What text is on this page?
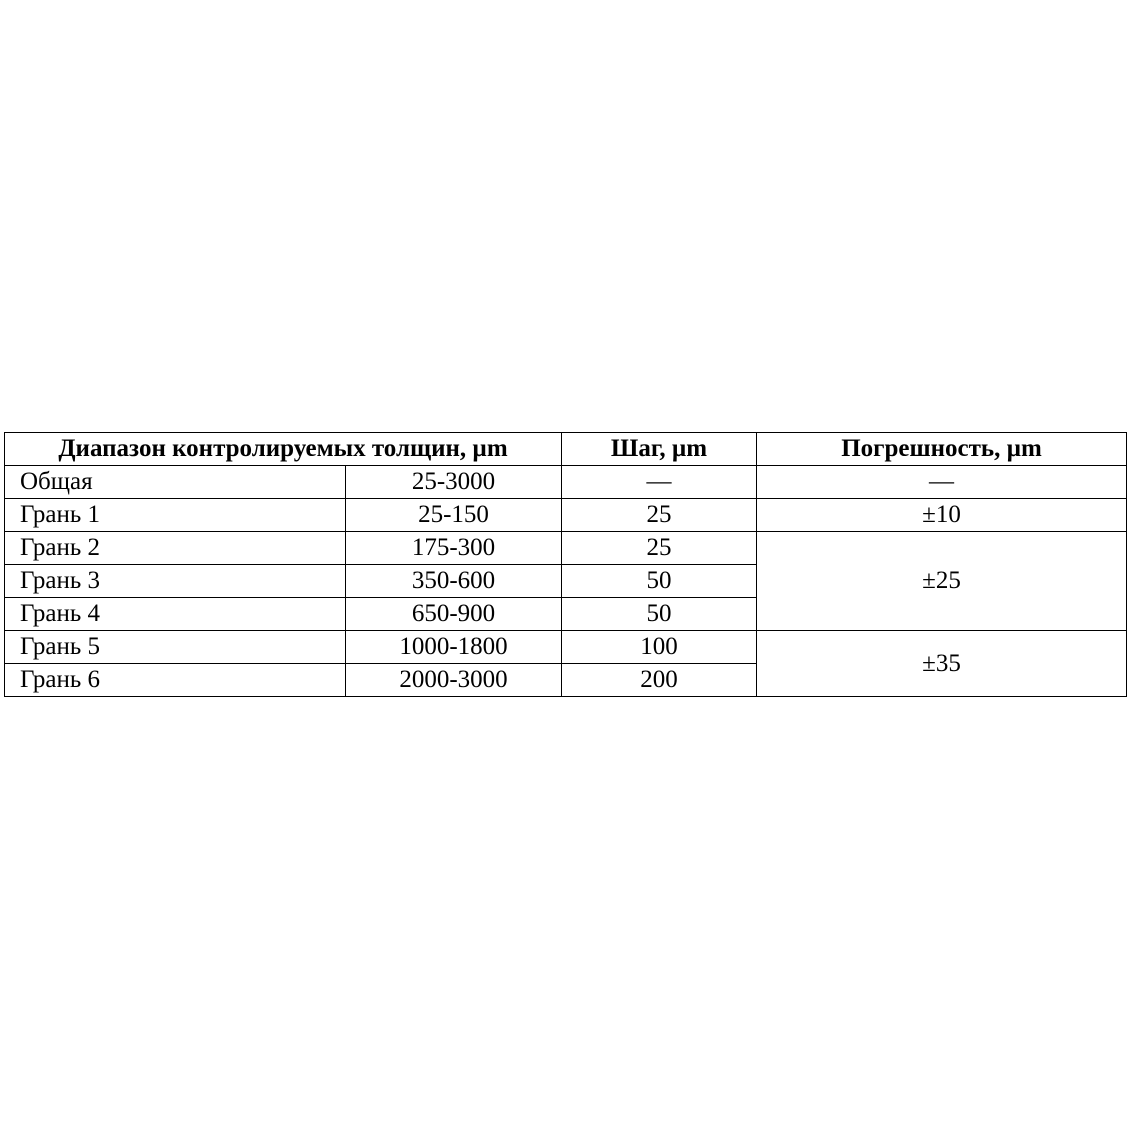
Диапазон контролируемых толщин, µm		Шаг, µm	Погрешность, µm
Общая	25-3000	—	—
Грань 1	25-150	25	±10
Грань 2	175-300	25	±25
Грань 3	350-600	50	
Грань 4	650-900	50	
Грань 5	1000-1800	100	±35
Грань 6	2000-3000	200	
